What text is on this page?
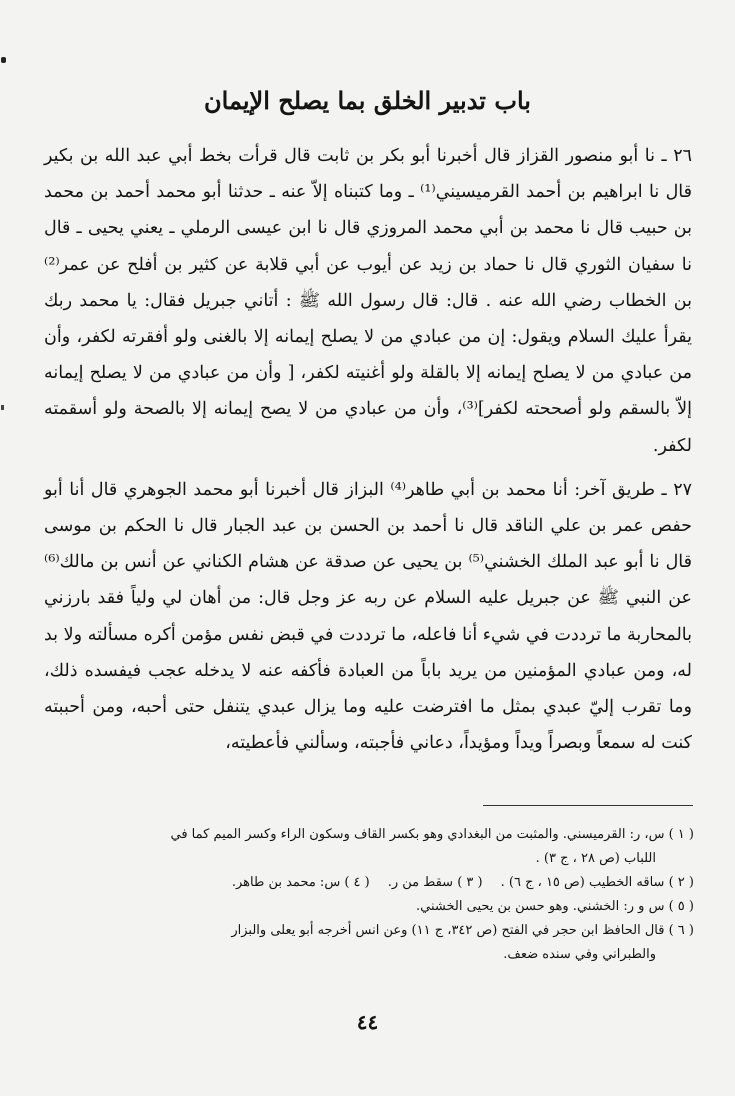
باب تدبير الخلق بما يصلح الإيمان

٢٦ ـ نا أبو منصور القزاز قال أخبرنا أبو بكر بن ثابت قال قرأت بخط أبي عبد الله بن بكير قال نا ابراهيم بن أحمد القرميسيني⁽¹⁾ ـ وما كتبناه إلاّ عنه ـ حدثنا أبو محمد أحمد بن محمد بن حبيب قال نا محمد بن أبي محمد المروزي قال نا ابن عيسى الرملي ـ يعني يحيى ـ قال نا سفيان الثوري قال نا حماد بن زيد عن أيوب عن أبي قلابة عن كثير بن أفلح عن عمر⁽²⁾ بن الخطاب رضي الله عنه . قال: قال رسول الله ﷺ : أتاني جبريل فقال: يا محمد ربك يقرأ عليك السلام ويقول: إن من عبادي من لا يصلح إيمانه إلا بالغنى ولو أفقرته لكفر، وأن من عبادي من لا يصلح إيمانه إلا بالقلة ولو أغنيته لكفر، [ وأن من عبادي من لا يصلح إيمانه إلاّ بالسقم ولو أصححته لكفر]⁽³⁾، وأن من عبادي من لا يصح إيمانه إلا بالصحة ولو أسقمته لكفر.

٢٧ ـ طريق آخر: أنا محمد بن أبي طاهر⁽⁴⁾ البزاز قال أخبرنا أبو محمد الجوهري قال أنا أبو حفص عمر بن علي الناقد قال نا أحمد بن الحسن بن عبد الجبار قال نا الحكم بن موسى قال نا أبو عبد الملك الخشني⁽⁵⁾ بن يحيى عن صدقة عن هشام الكناني عن أنس بن مالك⁽⁶⁾ عن النبي ﷺ عن جبريل عليه السلام عن ربه عز وجل قال: من أهان لي ولياً فقد بارزني بالمحاربة ما ترددت في شيء أنا فاعله، ما ترددت في قبض نفس مؤمن أكره مسألته ولا بد له، ومن عبادي المؤمنين من يريد باباً من العبادة فأكفه عنه لا يدخله عجب فيفسده ذلك، وما تقرب إليّ عبدي بمثل ما افترضت عليه وما يزال عبدي يتنفل حتى أحبه، ومن أحببته كنت له سمعاً وبصراً ويداً ومؤيداً، دعاني فأجبته، وسألني فأعطيته،

( ١ ) س، ر: القرميسني. والمثبت من البغدادي وهو بكسر القاف وسكون الراء وكسر الميم كما في
اللباب (ص ٢٨ ، ج ٣) .
( ٢ ) ساقه الخطيب (ص ١٥ ، ج ٦) .
( ٣ ) سقط من ر.
( ٤ ) س: محمد بن طاهر.
( ٥ ) س و ر: الخشني. وهو حسن بن يحيى الخشني.
( ٦ ) قال الحافظ ابن حجر في الفتح (ص ٣٤٢، ج ١١) وعن انس أخرجه أبو يعلى والبزار
والطبراني وفي سنده ضعف.
٤٤
